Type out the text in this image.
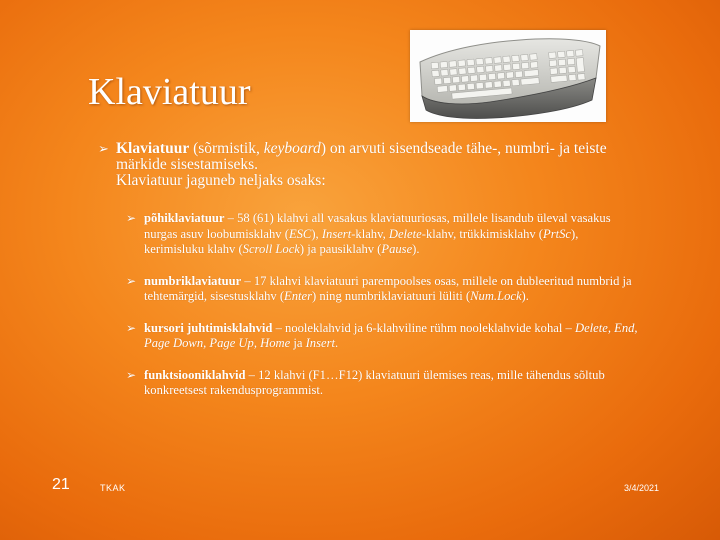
Klaviatuur
➢ Klaviatuur (sõrmistik, keyboard) on arvuti sisendseade tähe-, numbri- ja teiste märkide sisestamiseks.
Klaviatuur jaguneb neljaks osaks:
➢ põhiklaviatuur – 58 (61) klahvi all vasakus klaviatuuriosas, millele lisandub üleval vasakus nurgas asuv loobumisklahv (ESC), Insert-klahv, Delete-klahv, trükkimisklahv (PrtSc), kerimisluku klahv (Scroll Lock) ja pausiklahv (Pause).
➢ numbriklaviatuur – 17 klahvi klaviatuuri parempoolses osas, millele on dubleeritud numbrid ja tehtemärgid, sisestusklahv (Enter) ning numbriklaviatuuri lüliti (Num.Lock).
➢ kursori juhtimisklahvid – nooleklahvid ja 6-klahviline rühm nooleklahvide kohal – Delete, End, Page Down, Page Up, Home ja Insert.
➢ funktsiooniklahvid – 12 klahvi (F1…F12) klaviatuuri ülemises reas, mille tähendus sõltub konkreetsest rakendusprogrammist.
21	TKAK	3/4/2021
